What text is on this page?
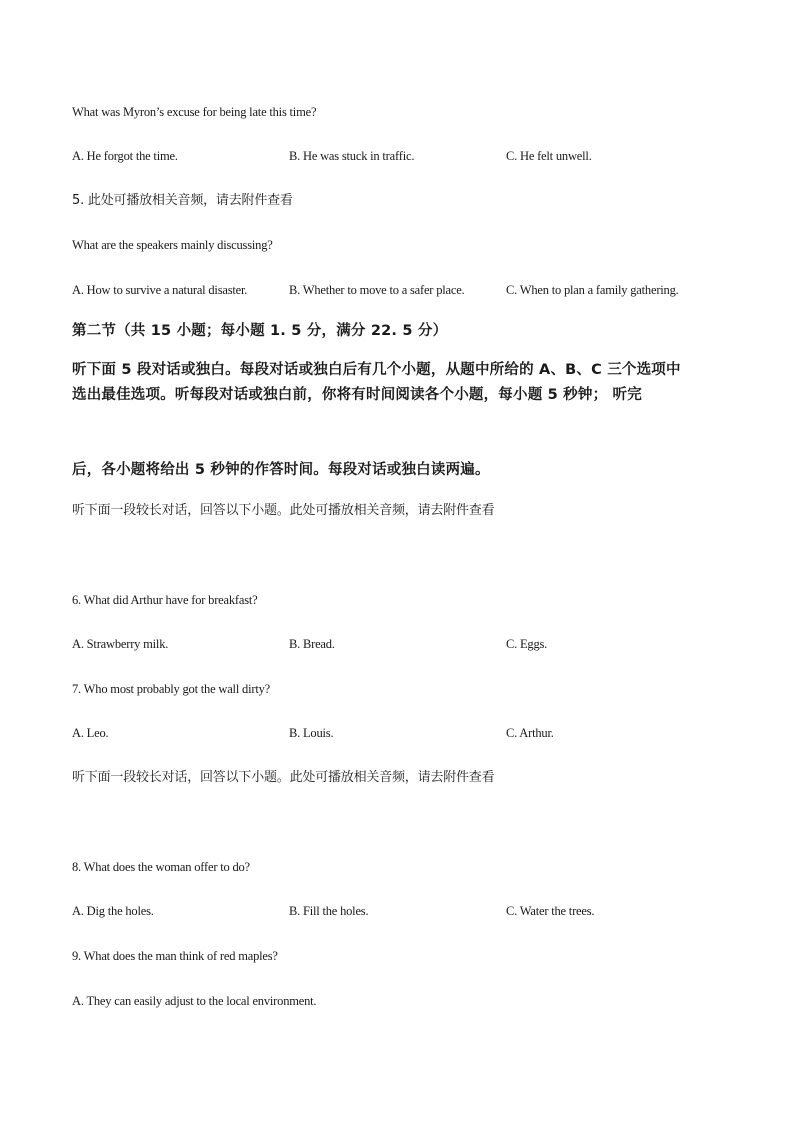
What was Myron’s excuse for being late this time?
A. He forgot the time.	B. He was stuck in traffic.	C. He felt unwell.
5. 此处可播放相关音频，请去附件查看
What are the speakers mainly discussing?
A. How to survive a natural disaster.	B. Whether to move to a safer place.	C. When to plan a family gathering.
第二节（共 15 小题；每小题 1. 5 分，满分 22. 5 分）
听下面 5 段对话或独白。每段对话或独白后有几个小题，从题中所给的 A、B、C 三个选项中
选出最佳选项。听每段对话或独白前，你将有时间阅读各个小题，每小题 5 秒钟； 听完
后，各小题将给出 5 秒钟的作答时间。每段对话或独白读两遍。
听下面一段较长对话，回答以下小题。此处可播放相关音频，请去附件查看
6. What did Arthur have for breakfast?
A. Strawberry milk.	B. Bread.	C. Eggs.
7. Who most probably got the wall dirty?
A. Leo.	B. Louis.	C. Arthur.
听下面一段较长对话，回答以下小题。此处可播放相关音频，请去附件查看
8. What does the woman offer to do?
A. Dig the holes.	B. Fill the holes.	C. Water the trees.
9. What does the man think of red maples?
A. They can easily adjust to the local environment.
